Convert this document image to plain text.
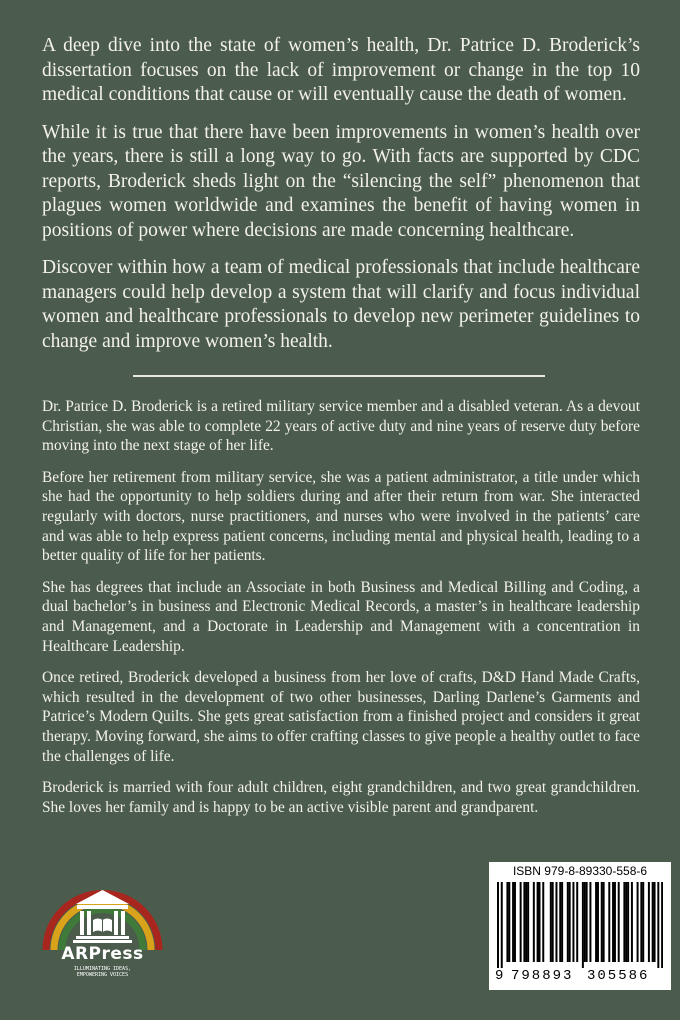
A deep dive into the state of women’s health, Dr. Patrice D. Broderick’s dissertation focuses on the lack of improvement or change in the top 10 medical conditions that cause or will eventually cause the death of women.

While it is true that there have been improvements in women’s health over the years, there is still a long way to go. With facts are supported by CDC reports, Broderick sheds light on the “silencing the self” phenomenon that plagues women worldwide and examines the benefit of having women in positions of power where decisions are made concerning healthcare.

Discover within how a team of medical professionals that include healthcare managers could help develop a system that will clarify and focus individual women and healthcare professionals to develop new perimeter guidelines to change and improve women’s health.

Dr. Patrice D. Broderick is a retired military service member and a disabled veteran. As a devout Christian, she was able to complete 22 years of active duty and nine years of reserve duty before moving into the next stage of her life.

Before her retirement from military service, she was a patient administrator, a title under which she had the opportunity to help soldiers during and after their return from war. She interacted regularly with doctors, nurse practitioners, and nurses who were involved in the patients’ care and was able to help express patient concerns, including mental and physical health, leading to a better quality of life for her patients.

She has degrees that include an Associate in both Business and Medical Billing and Coding, a dual bachelor’s in business and Electronic Medical Records, a master’s in healthcare leadership and Management, and a Doctorate in Leadership and Management with a concentration in Healthcare Leadership.

Once retired, Broderick developed a business from her love of crafts, D&D Hand Made Crafts, which resulted in the development of two other businesses, Darling Darlene’s Garments and Patrice’s Modern Quilts. She gets great satisfaction from a finished project and considers it great therapy. Moving forward, she aims to offer crafting classes to give people a healthy outlet to face the challenges of life.

Broderick is married with four adult children, eight grandchildren, and two great grandchildren. She loves her family and is happy to be an active visible parent and grandparent.

ARPress
ILLUMINATING IDEAS,
EMPOWERING VOICES
ISBN 979-8-89330-558-6
9 798893 305586
